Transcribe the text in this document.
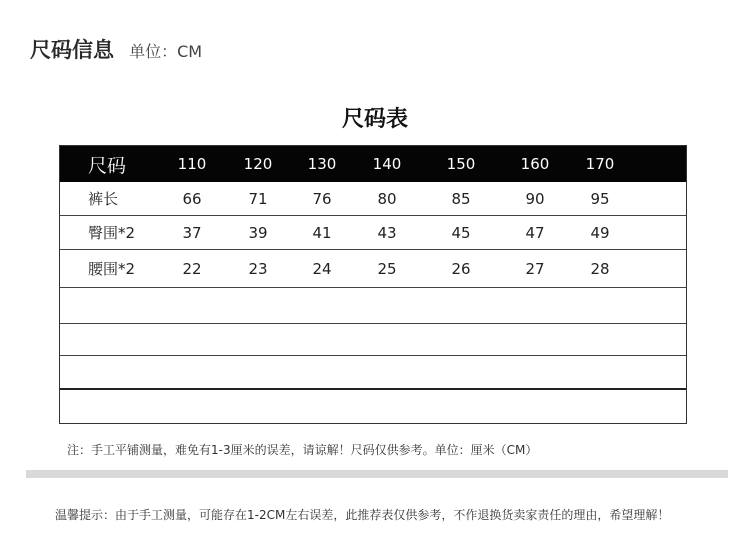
尺码信息 单位：CM
尺码表
尺码	110	120	130	140	150	160	170
裤长	66	71	76	80	85	90	95
臀围*2	37	39	41	43	45	47	49
腰围*2	22	23	24	25	26	27	28
注：手工平铺测量，难免有1-3厘米的误差，请谅解！尺码仅供参考。单位：厘米（CM）
温馨提示：由于手工测量，可能存在1-2CM左右误差，此推荐表仅供参考，不作退换货卖家责任的理由，希望理解！
